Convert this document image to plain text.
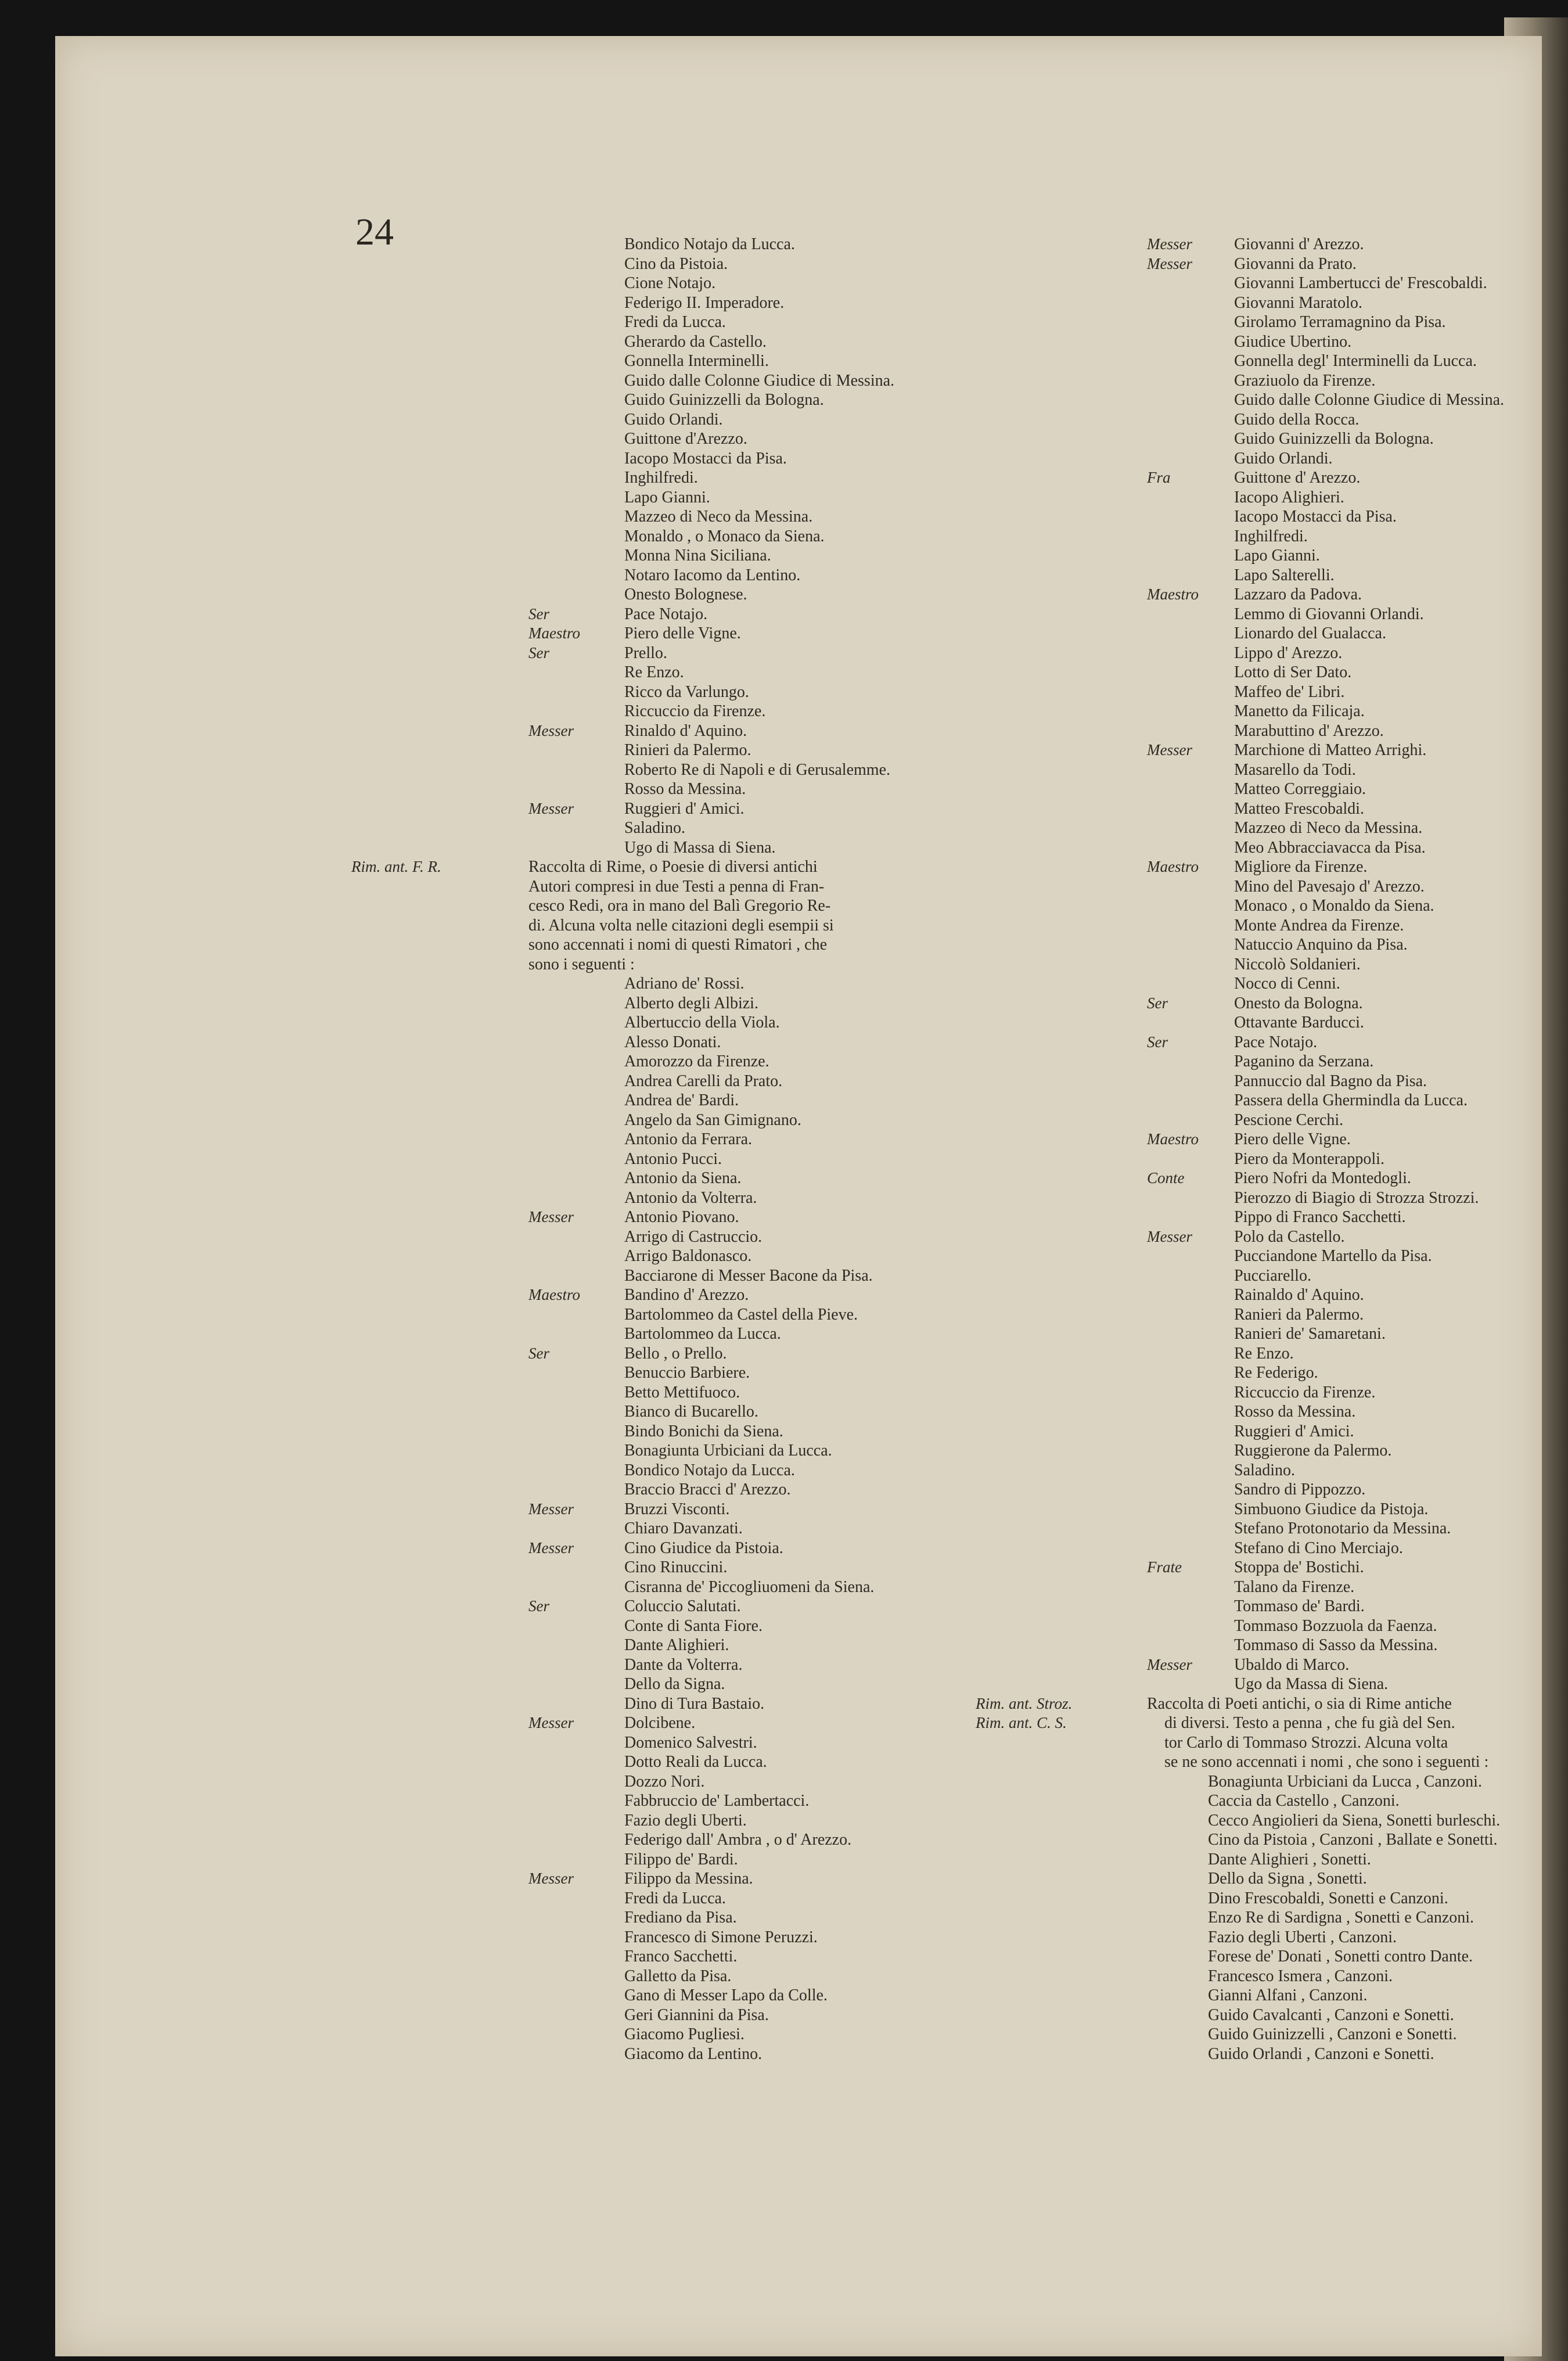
24	Bondico Notajo da Lucca.
Cino da Pistoia.
Cione Notajo.
Federigo II. Imperadore.
Fredi da Lucca.
Gherardo da Castello.
Gonnella Interminelli.
Guido dalle Colonne Giudice di Messina.
Guido Guinizzelli da Bologna.
Guido Orlandi.
Guittone d'Arezzo.
Iacopo Mostacci da Pisa.
Inghilfredi.
Lapo Gianni.
Mazzeo di Neco da Messina.
Monaldo , o Monaco da Siena.
Monna Nina Siciliana.
Notaro Iacomo da Lentino.
Onesto Bolognese.
Ser	Pace Notajo.
Maestro	Piero delle Vigne.
Ser	Prello.
Re Enzo.
Ricco da Varlungo.
Riccuccio da Firenze.
Messer	Rinaldo d' Aquino.
Rinieri da Palermo.
Roberto Re di Napoli e di Gerusalemme.
Rosso da Messina.
Messer	Ruggieri d' Amici.
Saladino.
Ugo di Massa di Siena.
Rim. ant. F. R.	Raccolta di Rime, o Poesie di diversi antichi
Autori compresi in due Testi a penna di Fran-
cesco Redi, ora in mano del Balì Gregorio Re-
di. Alcuna volta nelle citazioni degli esempii si
sono accennati i nomi di questi Rimatori , che
sono i seguenti :
Adriano de' Rossi.
Alberto degli Albizi.
Albertuccio della Viola.
Alesso Donati.
Amorozzo da Firenze.
Andrea Carelli da Prato.
Andrea de' Bardi.
Angelo da San Gimignano.
Antonio da Ferrara.
Antonio Pucci.
Antonio da Siena.
Antonio da Volterra.
Messer	Antonio Piovano.
Arrigo di Castruccio.
Arrigo Baldonasco.
Bacciarone di Messer Bacone da Pisa.
Maestro	Bandino d' Arezzo.
Bartolommeo da Castel della Pieve.
Bartolommeo da Lucca.
Ser	Bello , o Prello.
Benuccio Barbiere.
Betto Mettifuoco.
Bianco di Bucarello.
Bindo Bonichi da Siena.
Bonagiunta Urbiciani da Lucca.
Bondico Notajo da Lucca.
Braccio Bracci d' Arezzo.
Messer	Bruzzi Visconti.
Chiaro Davanzati.
Messer	Cino Giudice da Pistoia.
Cino Rinuccini.
Cisranna de' Piccogliuomeni da Siena.
Ser	Coluccio Salutati.
Conte di Santa Fiore.
Dante Alighieri.
Dante da Volterra.
Dello da Signa.
Dino di Tura Bastaio.
Messer	Dolcibene.
Domenico Salvestri.
Dotto Reali da Lucca.
Dozzo Nori.
Fabbruccio de' Lambertacci.
Fazio degli Uberti.
Federigo dall' Ambra , o d' Arezzo.
Filippo de' Bardi.
Messer	Filippo da Messina.
Fredi da Lucca.
Frediano da Pisa.
Francesco di Simone Peruzzi.
Franco Sacchetti.
Galletto da Pisa.
Gano di Messer Lapo da Colle.
Geri Giannini da Pisa.
Giacomo Pugliesi.
Giacomo da Lentino.
Messer	Giovanni d' Arezzo.
Messer	Giovanni da Prato.
Giovanni Lambertucci de' Frescobaldi.
Giovanni Maratolo.
Girolamo Terramagnino da Pisa.
Giudice Ubertino.
Gonnella degl' Interminelli da Lucca.
Graziuolo da Firenze.
Guido dalle Colonne Giudice di Messina.
Guido della Rocca.
Guido Guinizzelli da Bologna.
Guido Orlandi.
Fra	Guittone d' Arezzo.
Iacopo Alighieri.
Iacopo Mostacci da Pisa.
Inghilfredi.
Lapo Gianni.
Lapo Salterelli.
Maestro Lazzaro da Padova.
Lemmo di Giovanni Orlandi.
Lionardo del Gualacca.
Lippo d' Arezzo.
Lotto di Ser Dato.
Maffeo de' Libri.
Manetto da Filicaja.
Marabuttino d' Arezzo.
Messer	Marchione di Matteo Arrighi.
Masarello da Todi.
Matteo Correggiaio.
Matteo Frescobaldi.
Mazzeo di Neco da Messina.
Meo Abbracciavacca da Pisa.
Maestro Migliore da Firenze.
Mino del Pavesajo d' Arezzo.
Monaco , o Monaldo da Siena.
Monte Andrea da Firenze.
Natuccio Anquino da Pisa.
Niccolò Soldanieri.
Nocco di Cenni.
Ser	Onesto da Bologna.
Ottavante Barducci.
Ser	Pace Notajo.
Paganino da Serzana.
Pannuccio dal Bagno da Pisa.
Passera della Ghermindla da Lucca.
Pescione Cerchi.
Maestro Piero delle Vigne.
Piero da Monterappoli.
Conte	Piero Nofri da Montedogli.
Pierozzo di Biagio di Strozza Strozzi.
Pippo di Franco Sacchetti.
Messer	Polo da Castello.
Pucciandone Martello da Pisa.
Pucciarello.
Rainaldo d' Aquino.
Ranieri da Palermo.
Ranieri de' Samaretani.
Re Enzo.
Re Federigo.
Riccuccio da Firenze.
Rosso da Messina.
Ruggieri d' Amici.
Ruggierone da Palermo.
Saladino.
Sandro di Pippozzo.
Simbuono Giudice da Pistoja.
Stefano Protonotario da Messina.
Stefano di Cino Merciajo.
Frate	Stoppa de' Bostichi.
Talano da Firenze.
Tommaso de' Bardi.
Tommaso Bozzuola da Faenza.
Tommaso di Sasso da Messina.
Messer	Ubaldo di Marco.
Ugo da Massa di Siena.
Rim. ant. Stroz.	Raccolta di Poeti antichi, o sia di Rime antiche
Rim. ant. C. S.	di diversi. Testo a penna , che fu già del Sen.
tor Carlo di Tommaso Strozzi. Alcuna volta
se ne sono accennati i nomi , che sono i seguenti :
Bonagiunta Urbiciani da Lucca , Canzoni.
Caccia da Castello , Canzoni.
Cecco Angiolieri da Siena, Sonetti burleschi.
Cino da Pistoia , Canzoni , Ballate e Sonetti.
Dante Alighieri , Sonetti.
Dello da Signa , Sonetti.
Dino Frescobaldi, Sonetti e Canzoni.
Enzo Re di Sardigna , Sonetti e Canzoni.
Fazio degli Uberti , Canzoni.
Forese de' Donati , Sonetti contro Dante.
Francesco Ismera , Canzoni.
Gianni Alfani , Canzoni.
Guido Cavalcanti , Canzoni e Sonetti.
Guido Guinizzelli , Canzoni e Sonetti.
Guido Orlandi , Canzoni e Sonetti.
